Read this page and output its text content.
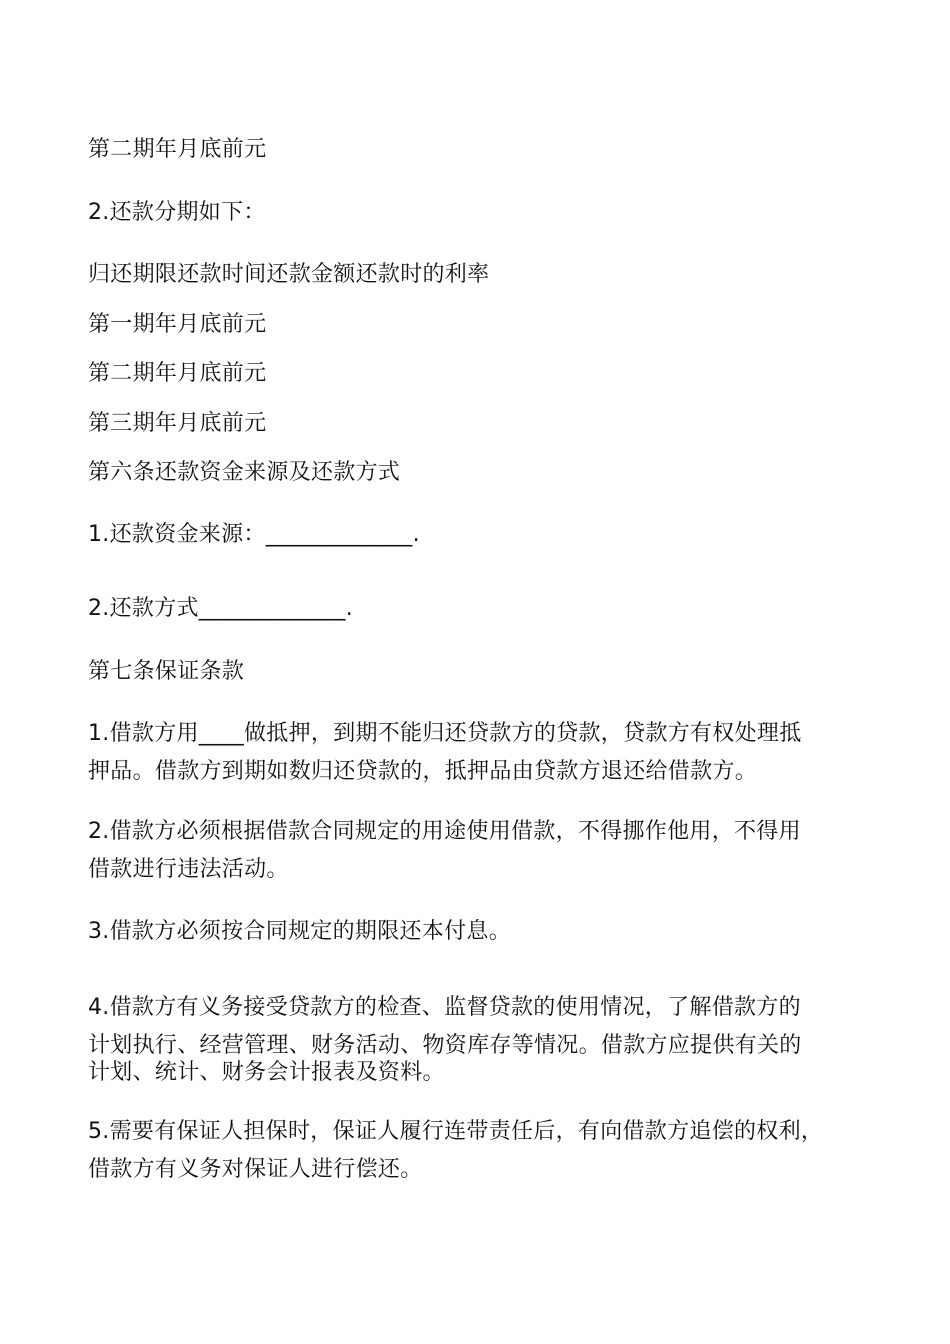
第二期年月底前元
2.还款分期如下：
归还期限还款时间还款金额还款时的利率
第一期年月底前元
第二期年月底前元
第三期年月底前元
第六条还款资金来源及还款方式
1.还款资金来源：_____________.
2.还款方式_____________.
第七条保证条款
1.借款方用____做抵押，到期不能归还贷款方的贷款，贷款方有权处理抵
押品。借款方到期如数归还贷款的，抵押品由贷款方退还给借款方。
2.借款方必须根据借款合同规定的用途使用借款，不得挪作他用，不得用
借款进行违法活动。
3.借款方必须按合同规定的期限还本付息。
4.借款方有义务接受贷款方的检查、监督贷款的使用情况，了解借款方的
计划执行、经营管理、财务活动、物资库存等情况。借款方应提供有关的
计划、统计、财务会计报表及资料。
5.需要有保证人担保时，保证人履行连带责任后，有向借款方追偿的权利，
借款方有义务对保证人进行偿还。
